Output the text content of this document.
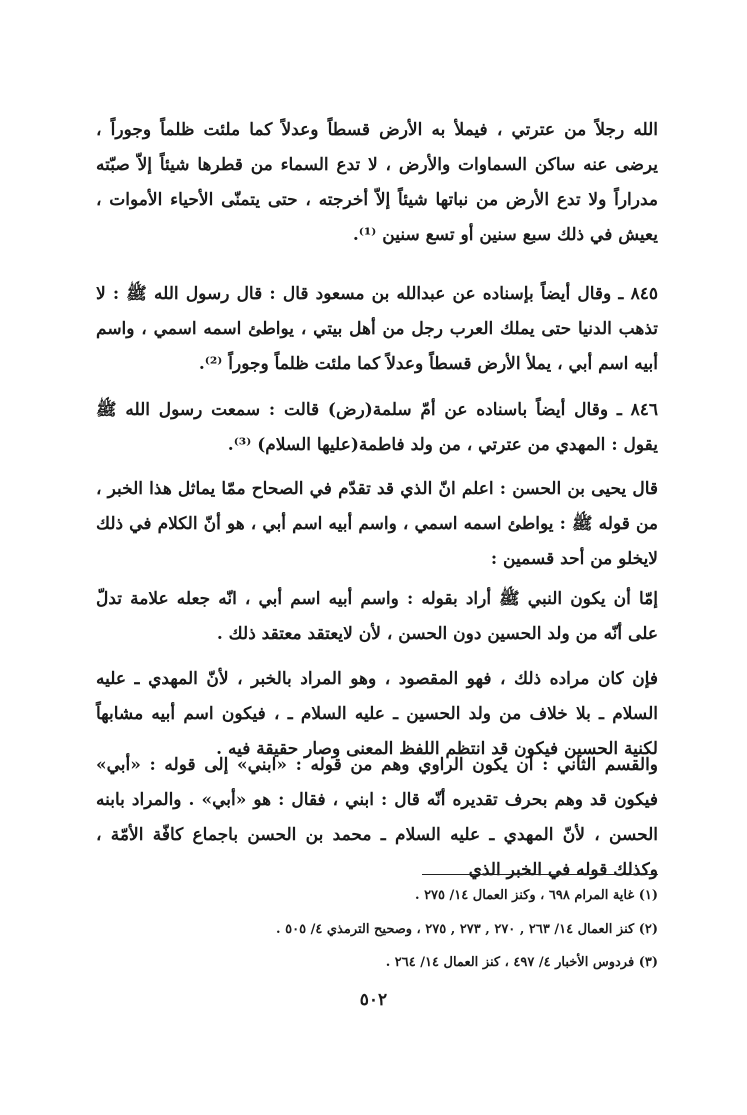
الله رجلاً من عترتي ، فيملأ به الأرض قسطاً وعدلاً كما ملئت ظلماً وجوراً ، يرضى عنه ساكن السماوات والأرض ، لا تدع السماء من قطرها شيئاً إلاّ صبّته مدراراً ولا تدع الأرض من نباتها شيئاً إلاّ أخرجته ، حتى يتمنّى الأحياء الأموات ، يعيش في ذلك سبع سنين أو تسع سنين ⁽¹⁾.

٨٤٥ ـ وقال أيضاً بإسناده عن عبدالله بن مسعود قال : قال رسول الله ﷺ : لا تذهب الدنيا حتى يملك العرب رجل من أهل بيتي ، يواطئ اسمه اسمي ، واسم أبيه اسم أبي ، يملأ الأرض قسطاً وعدلاً كما ملئت ظلماً وجوراً ⁽²⁾.

٨٤٦ ـ وقال أيضاً باسناده عن أمّ سلمة(رض) قالت : سمعت رسول الله ﷺ يقول : المهدي من عترتي ، من ولد فاطمة(عليها السلام) ⁽³⁾.

قال يحيى بن الحسن : اعلم انّ الذي قد تقدّم في الصحاح ممّا يماثل هذا الخبر ، من قوله ﷺ : يواطئ اسمه اسمي ، واسم أبيه اسم أبي ، هو أنّ الكلام في ذلك لايخلو من أحد قسمين :

إمّا أن يكون النبي ﷺ أراد بقوله : واسم أبيه اسم أبي ، انّه جعله علامة تدلّ على أنّه من ولد الحسين دون الحسن ، لأن لايعتقد معتقد ذلك .

فإن كان مراده ذلك ، فهو المقصود ، وهو المراد بالخبر ، لأنّ المهدي ـ عليه السلام ـ بلا خلاف من ولد الحسين ـ عليه السلام ـ ، فيكون اسم أبيه مشابهاً لكنية الحسين فيكون قد انتظم اللفظ المعنى وصار حقيقة فيه .

والقسم الثاني : أن يكون الراوي وهم من قوله : «ابني» إلى قوله : «أبي» فيكون قد وهم بحرف تقديره أنّه قال : ابني ، فقال : هو «أبي» . والمراد بابنه الحسن ، لأنّ المهدي ـ عليه السلام ـ محمد بن الحسن باجماع كافّة الأمّة ، وكذلك قوله في الخبر الذي

(١) غاية المرام ٦٩٨ ، وكنز العمال ١٤/ ٢٧٥ .
(٢) كنز العمال ١٤/ ٢٦٣ , ٢٧٠ , ٢٧٣ , ٢٧٥ ، وصحيح الترمذي ٤/ ٥٠٥ .
(٣) فردوس الأخبار ٤/ ٤٩٧ ، كنز العمال ١٤/ ٢٦٤ .
٥٠٢
